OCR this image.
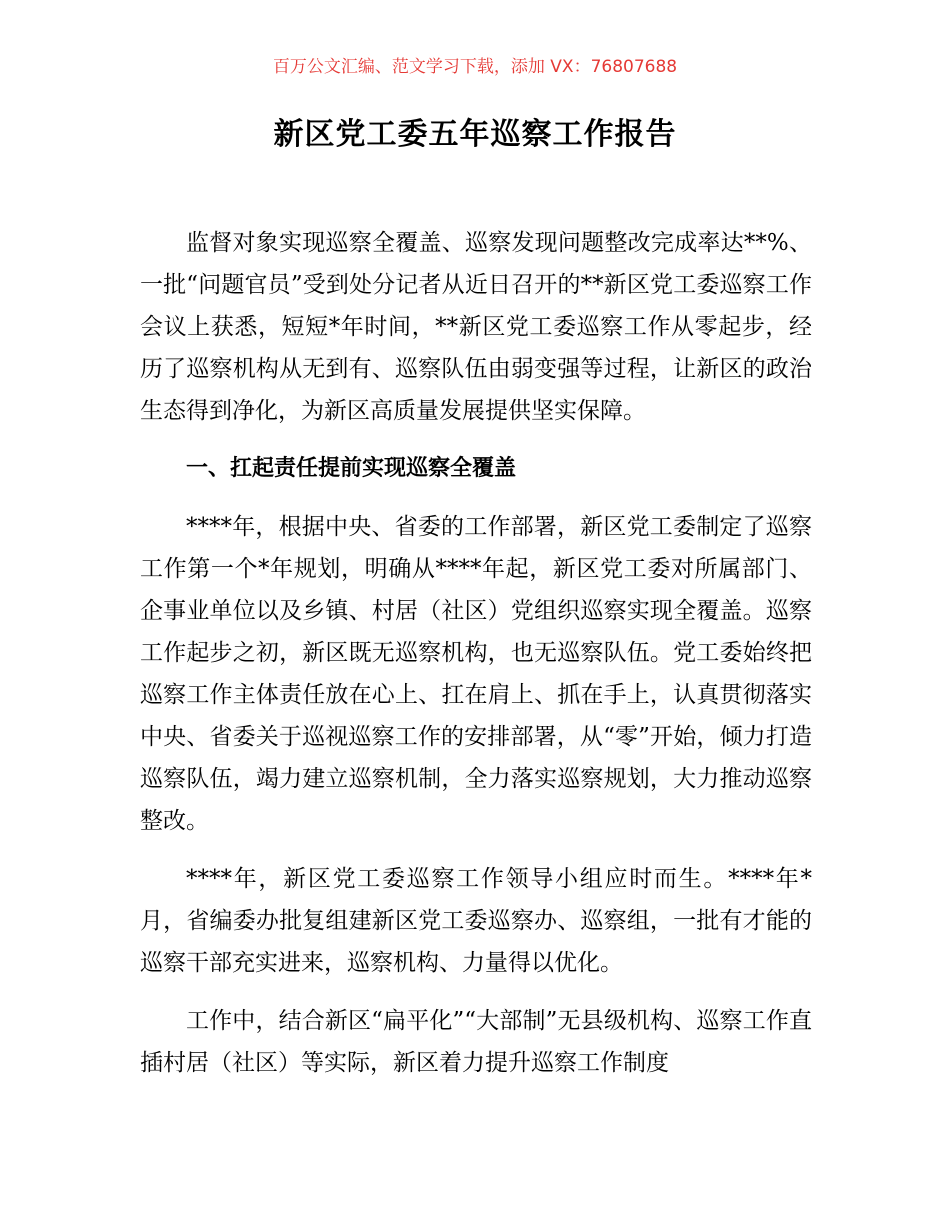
百万公文汇编、范文学习下载，添加 VX：76807688
新区党工委五年巡察工作报告

监督对象实现巡察全覆盖、巡察发现问题整改完成率达**%、一批“问题官员”受到处分记者从近日召开的**新区党工委巡察工作会议上获悉，短短*年时间，**新区党工委巡察工作从零起步，经历了巡察机构从无到有、巡察队伍由弱变强等过程，让新区的政治生态得到净化，为新区高质量发展提供坚实保障。

一、扛起责任提前实现巡察全覆盖

****年，根据中央、省委的工作部署，新区党工委制定了巡察工作第一个*年规划，明确从****年起，新区党工委对所属部门、企事业单位以及乡镇、村居（社区）党组织巡察实现全覆盖。巡察工作起步之初，新区既无巡察机构，也无巡察队伍。党工委始终把巡察工作主体责任放在心上、扛在肩上、抓在手上，认真贯彻落实中央、省委关于巡视巡察工作的安排部署，从“零”开始，倾力打造巡察队伍，竭力建立巡察机制，全力落实巡察规划，大力推动巡察整改。

****年，新区党工委巡察工作领导小组应时而生。****年*月，省编委办批复组建新区党工委巡察办、巡察组，一批有才能的巡察干部充实进来，巡察机构、力量得以优化。

工作中，结合新区“扁平化”“大部制”无县级机构、巡察工作直插村居（社区）等实际，新区着力提升巡察工作制度
